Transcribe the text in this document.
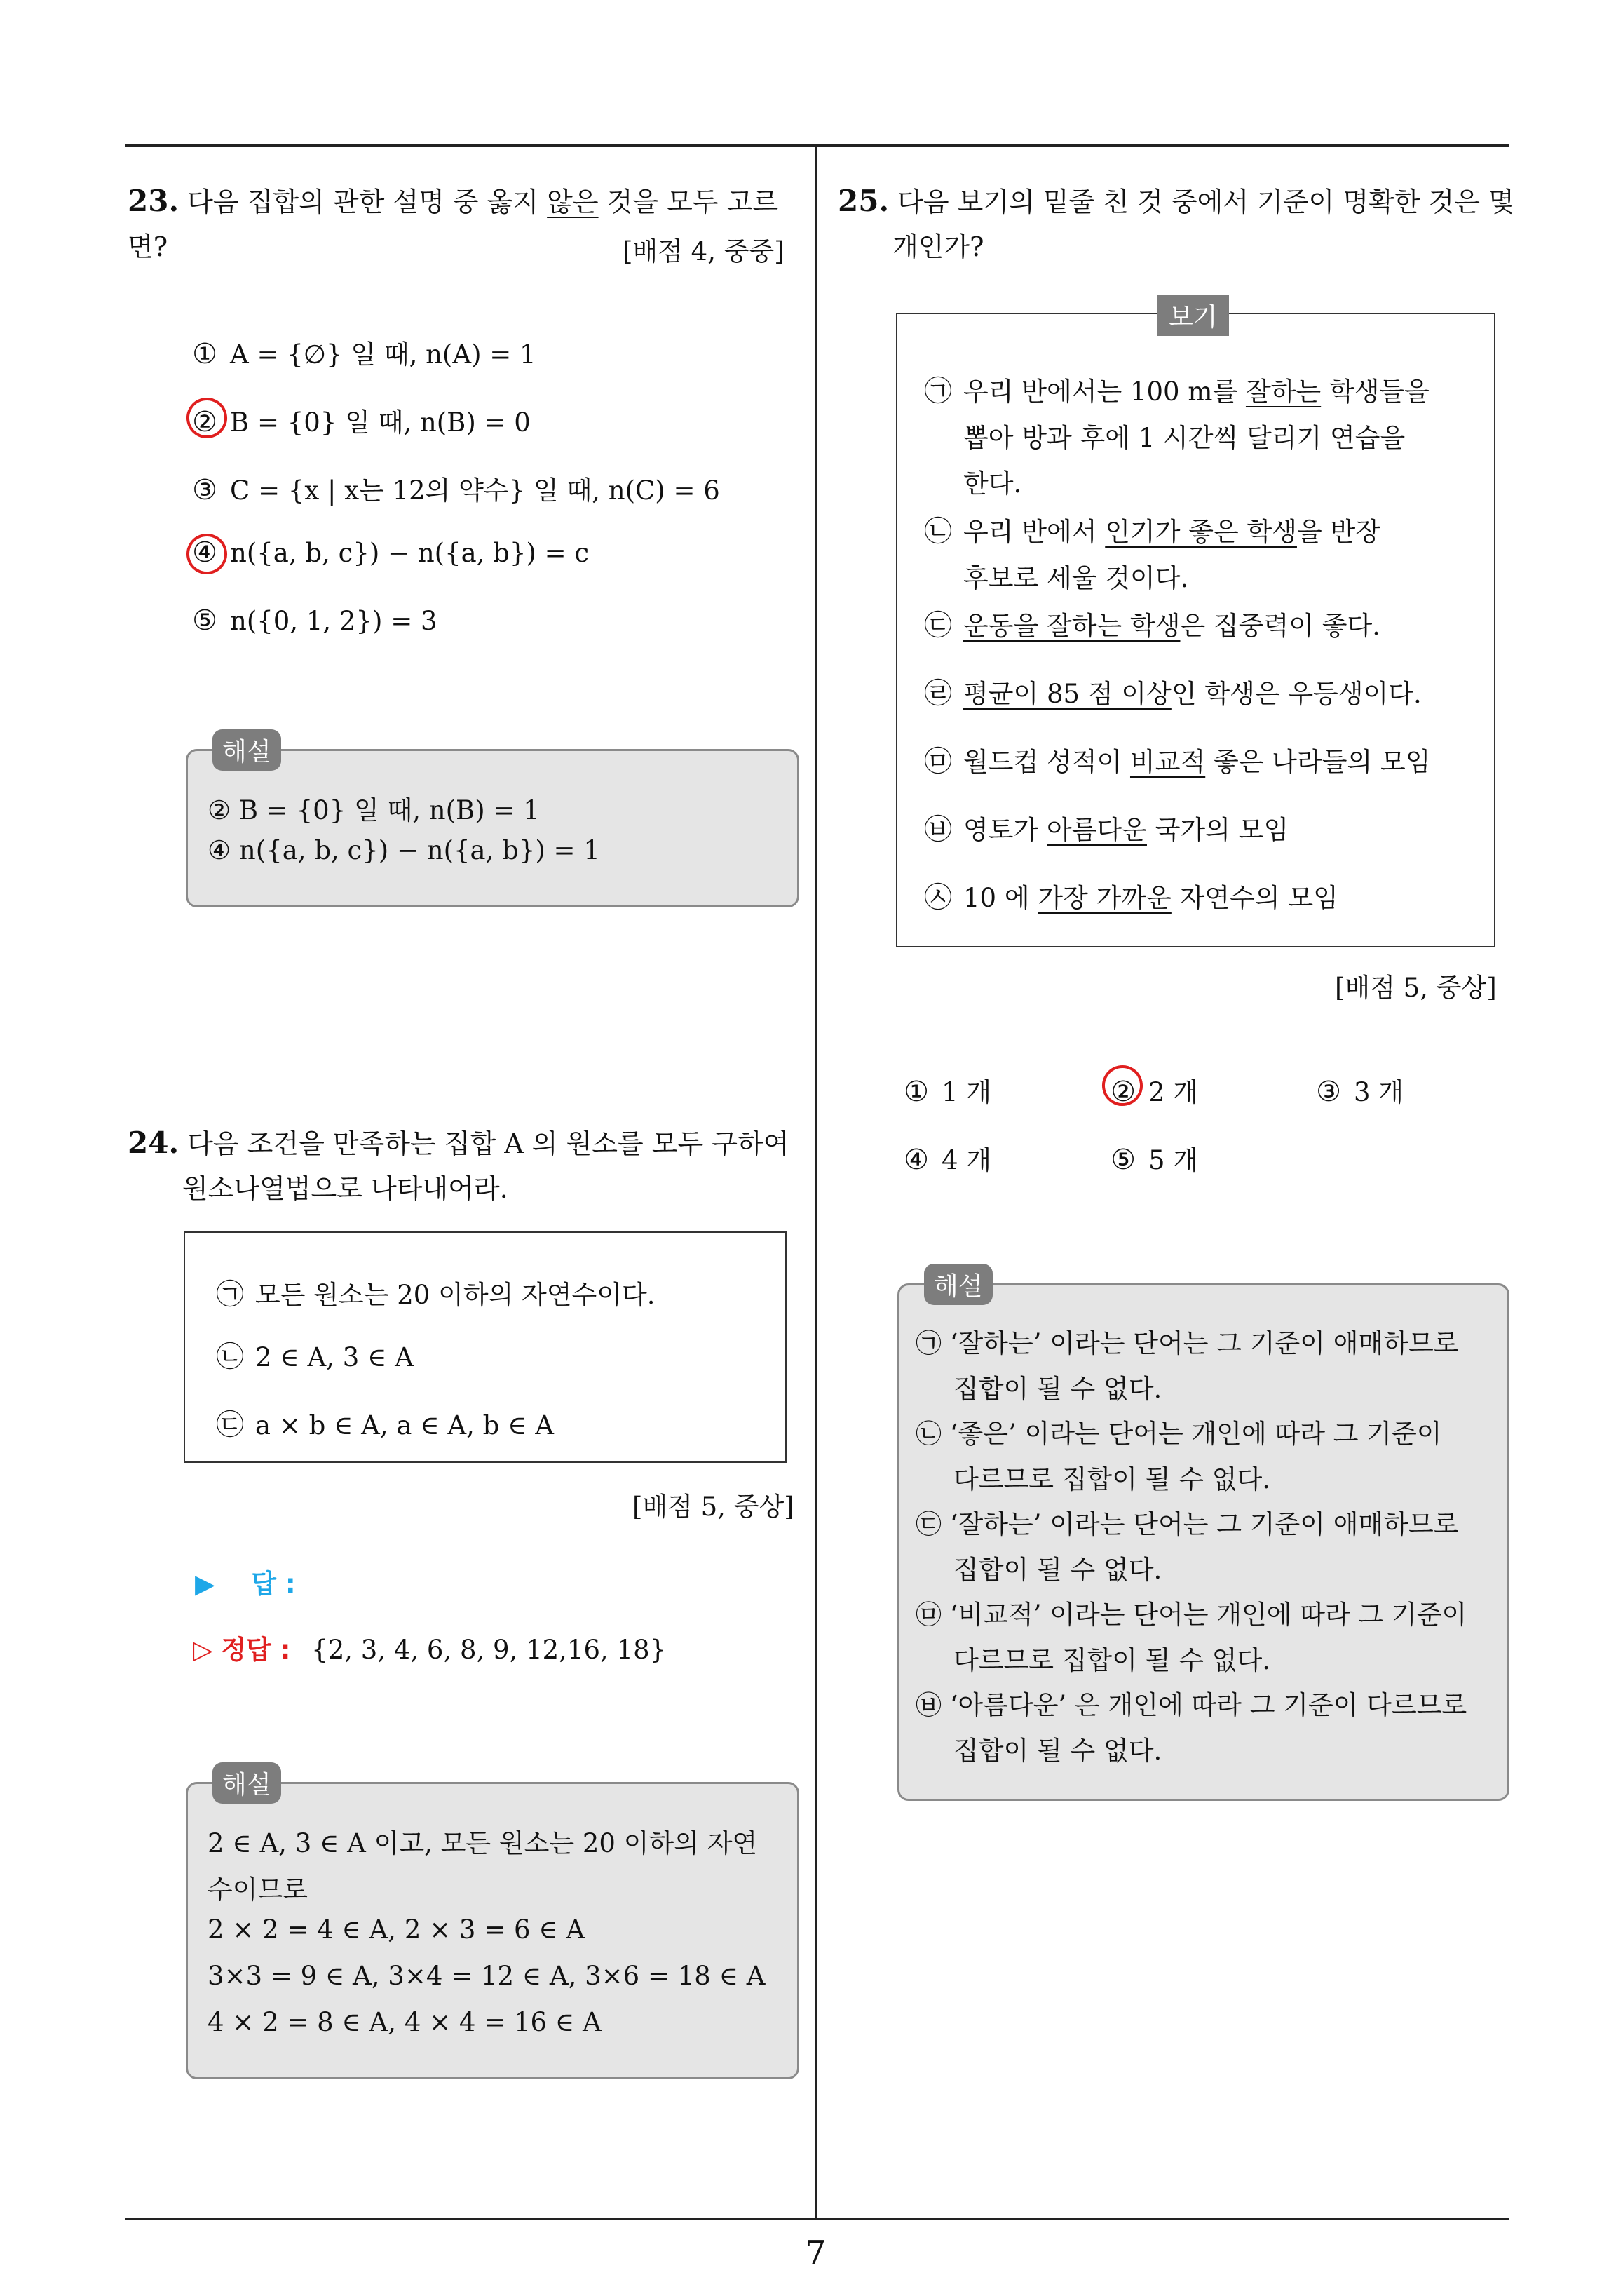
23. 다음 집합의 관한 설명 중 옳지 않은 것을 모두 고르면?	[배점 4, 중중]
① A = {∅} 일 때, n(A) = 1
② B = {0} 일 때, n(B) = 0
③ C = {x | x는 12의 약수} 일 때, n(C) = 6
④ n({a, b, c}) − n({a, b}) = c
⑤ n({0, 1, 2}) = 3
해설
② B = {0} 일 때, n(B) = 1
④ n({a, b, c}) − n({a, b}) = 1
24. 다음 조건을 만족하는 집합 A 의 원소를 모두 구하여
원소나열법으로 나타내어라.
㉠ 모든 원소는 20 이하의 자연수이다.
㉡ 2 ∈ A, 3 ∈ A
㉢ a × b ∈ A, a ∈ A, b ∈ A
[배점 5, 중상]
▶ 답 :
▷ 정답 : {2, 3, 4, 6, 8, 9, 12,16, 18}
해설
2 ∈ A, 3 ∈ A 이고, 모든 원소는 20 이하의 자연
수이므로
2 × 2 = 4 ∈ A, 2 × 3 = 6 ∈ A
3×3 = 9 ∈ A, 3×4 = 12 ∈ A, 3×6 = 18 ∈ A
4 × 2 = 8 ∈ A, 4 × 4 = 16 ∈ A
25. 다음 보기의 밑줄 친 것 중에서 기준이 명확한 것은 몇
개인가?
보기
㉠ 우리 반에서는 100 m를 잘하는 학생들을
뽑아 방과 후에 1 시간씩 달리기 연습을
한다.
㉡ 우리 반에서 인기가 좋은 학생을 반장
후보로 세울 것이다.
㉢ 운동을 잘하는 학생은 집중력이 좋다.
㉣ 평균이 85 점 이상인 학생은 우등생이다.
㉤ 월드컵 성적이 비교적 좋은 나라들의 모임
㉥ 영토가 아름다운 국가의 모임
㉦ 10 에 가장 가까운 자연수의 모임
[배점 5, 중상]
① 1 개	② 2 개	③ 3 개
④ 4 개	⑤ 5 개
해설
㉠ ‘잘하는’ 이라는 단어는 그 기준이 애매하므로
집합이 될 수 없다.
㉡ ‘좋은’ 이라는 단어는 개인에 따라 그 기준이
다르므로 집합이 될 수 없다.
㉢ ‘잘하는’ 이라는 단어는 그 기준이 애매하므로
집합이 될 수 없다.
㉤ ‘비교적’ 이라는 단어는 개인에 따라 그 기준이
다르므로 집합이 될 수 없다.
㉥ ‘아름다운’ 은 개인에 따라 그 기준이 다르므로
집합이 될 수 없다.
7
